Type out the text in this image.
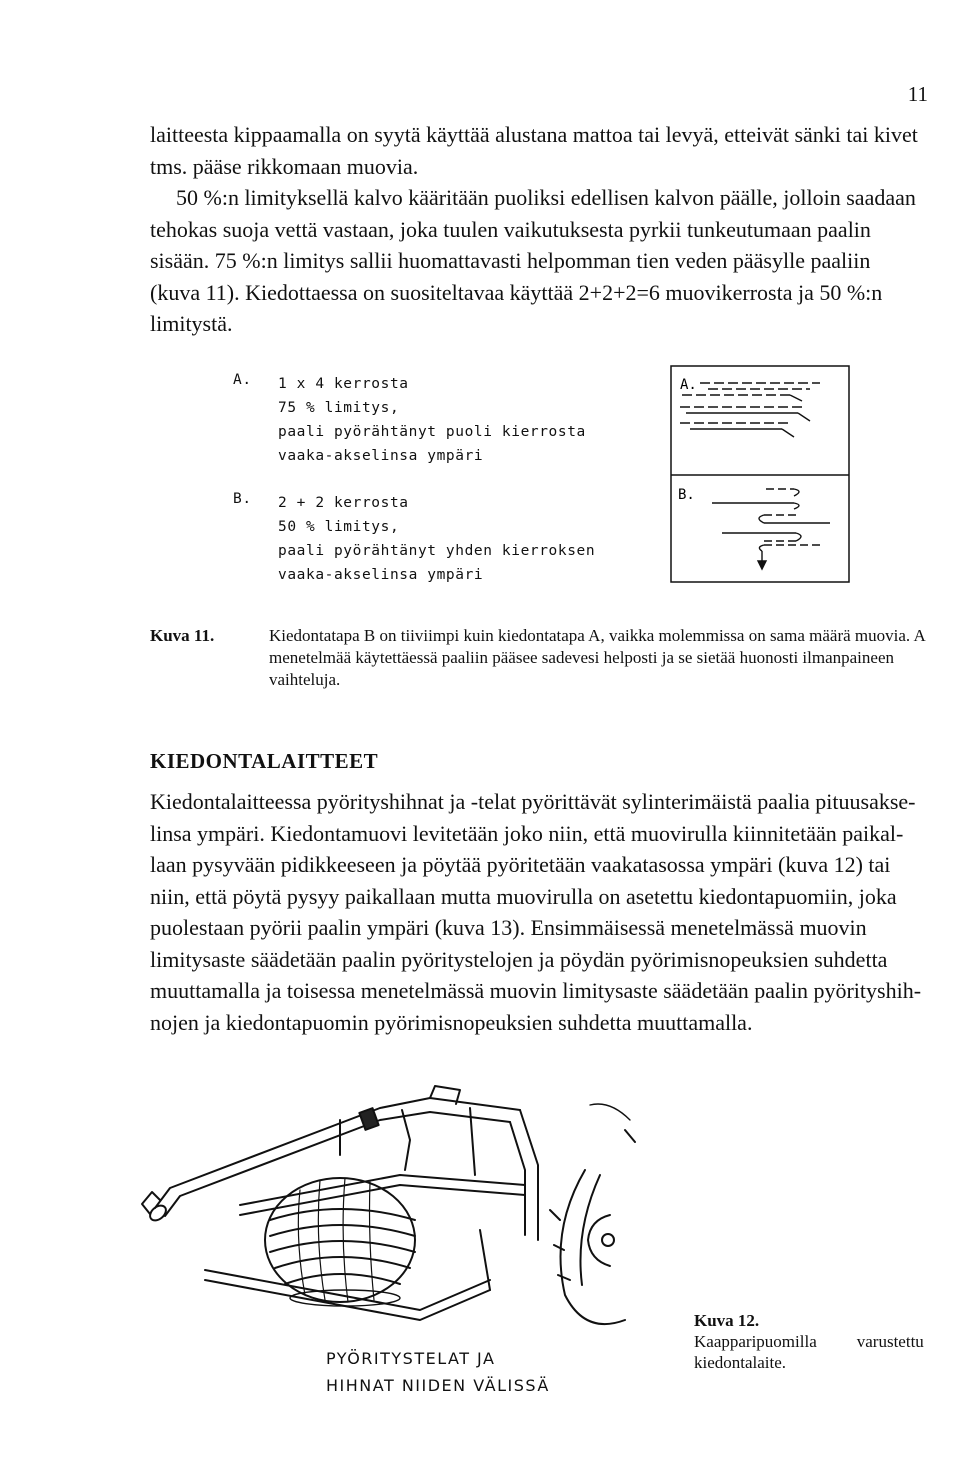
11
laitteesta kippaamalla on syytä käyttää alustana mattoa tai levyä, etteivät sänki tai kivet
tms. pääse rikkomaan muovia.
50 %:n limityksellä kalvo kääritään puoliksi edellisen kalvon päälle, jolloin saadaan
tehokas suoja vettä vastaan, joka tuulen vaikutuksesta pyrkii tunkeutumaan paalin
sisään. 75 %:n limitys sallii huomattavasti helpomman tien veden pääsylle paaliin
(kuva 11). Kiedottaessa on suositeltavaa käyttää 2+2+2=6 muovikerrosta ja 50 %:n
limitystä.
A. 1 x 4 kerrosta
75 % limitys,
paali pyörähtänyt puoli kierrosta
vaaka-akselinsa ympäri
B. 2 + 2 kerrosta
50 % limitys,
paali pyörähtänyt yhden kierroksen
vaaka-akselinsa ympäri
A.
B.
Kuva 11.	Kiedontatapa B on tiiviimpi kuin kiedontatapa A, vaikka molemmissa on sama määrä muovia. A menetelmää käytettäessä paaliin pääsee sadevesi helposti ja se sietää huonosti ilmanpaineen vaihteluja.
KIEDONTALAITTEET
Kiedontalaitteessa pyörityshihnat ja -telat pyörittävät sylinterimäistä paalia pituusakse-
linsa ympäri. Kiedontamuovi levitetään joko niin, että muovirulla kiinnitetään paikal-
laan pysyvään pidikkeeseen ja pöytää pyöritetään vaakatasossa ympäri (kuva 12) tai
niin, että pöytä pysyy paikallaan mutta muovirulla on asetettu kiedontapuomiin, joka
puolestaan pyörii paalin ympäri (kuva 13). Ensimmäisessä menetelmässä muovin
limitysaste säädetään paalin pyöritystelojen ja pöydän pyörimisnopeuksien suhdetta
muuttamalla ja toisessa menetelmässä muovin limitysaste säädetään paalin pyörityshih-
nojen ja kiedontapuomin pyörimisnopeuksien suhdetta muuttamalla.
PYÖRITYSTELAT JA
HIHNAT NIIDEN VÄLISSÄ
Kuva 12.
Kaapparipuomilla varustettu
kiedontalaite.
